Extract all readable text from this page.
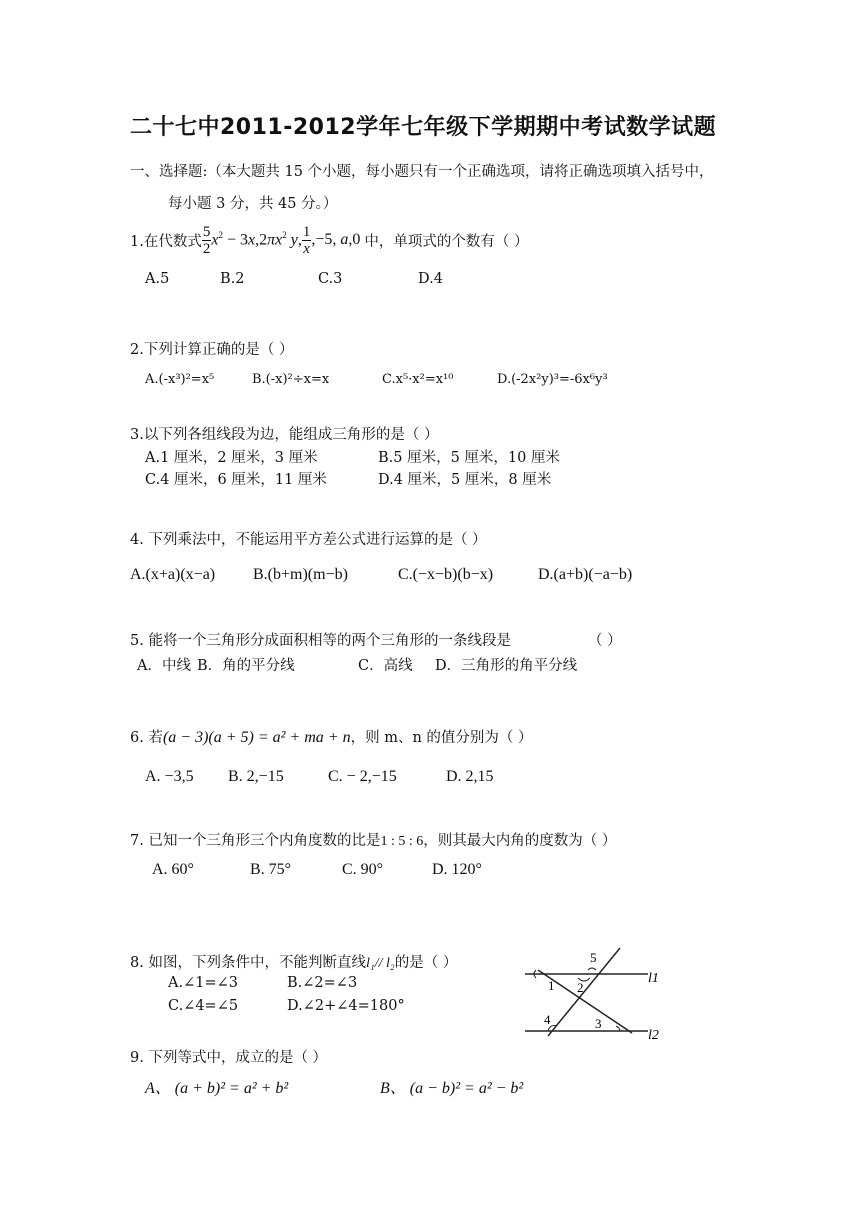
二十七中2011-2012学年七年级下学期期中考试数学试题
一、选择题:（本大题共 15 个小题，每小题只有一个正确选项，请将正确选项填入括号中，
每小题 3 分，共 45 分。）
1.在代数式 $\frac{5}{2} x^2 - 3x,2\pi x^2$ y, $\frac{1}{x} ,-5$, a,0 中，单项式的个数有（ ）
A.5	B.2	C.3	D.4
2.下列计算正确的是（ ）
A.(-x³)²=x⁵	B.(-x)²÷x=x	C.x⁵·x²=x¹⁰	D.(-2x²y)³=-6x⁶y³
3.以下列各组线段为边，能组成三角形的是（ ）
A.1 厘米，2 厘米，3 厘米	B.5 厘米，5 厘米，10 厘米
C.4 厘米，6 厘米，11 厘米	D.4 厘米，5 厘米，8 厘米
4. 下列乘法中，不能运用平方差公式进行运算的是（ ）
A.(x+a)(x−a) B.(b+m)(m−b)	C.(−x−b)(b−x)	D.(a+b)(−a−b)
5. 能将一个三角形分成面积相等的两个三角形的一条线段是	（ ）
A．中线 B．角的平分线	C．高线 D．三角形的角平分线
6. 若 (a − 3)(a + 5) = a² + ma + n ，则 m、n 的值分别为（ ）
A. −3,5 B. 2,−15	C. − 2,−15	D. 2,15
7. 已知一个三角形三个内角度数的比是 1 : 5 : 6 ，则其最大内角的度数为（ ）
A. 60°	B. 75°	C. 90°	D. 120°
8. 如图，下列条件中，不能判断直线 l₁// l₂ 的是（ ）
A.∠1=∠3	B.∠2=∠3
C.∠4=∠5	D.∠2+∠4=180°
5
1 2
4	3
l1
l2
9. 下列等式中，成立的是（ ）
A、 (a + b)² = a² + b²	B、 (a − b)² = a² − b²
